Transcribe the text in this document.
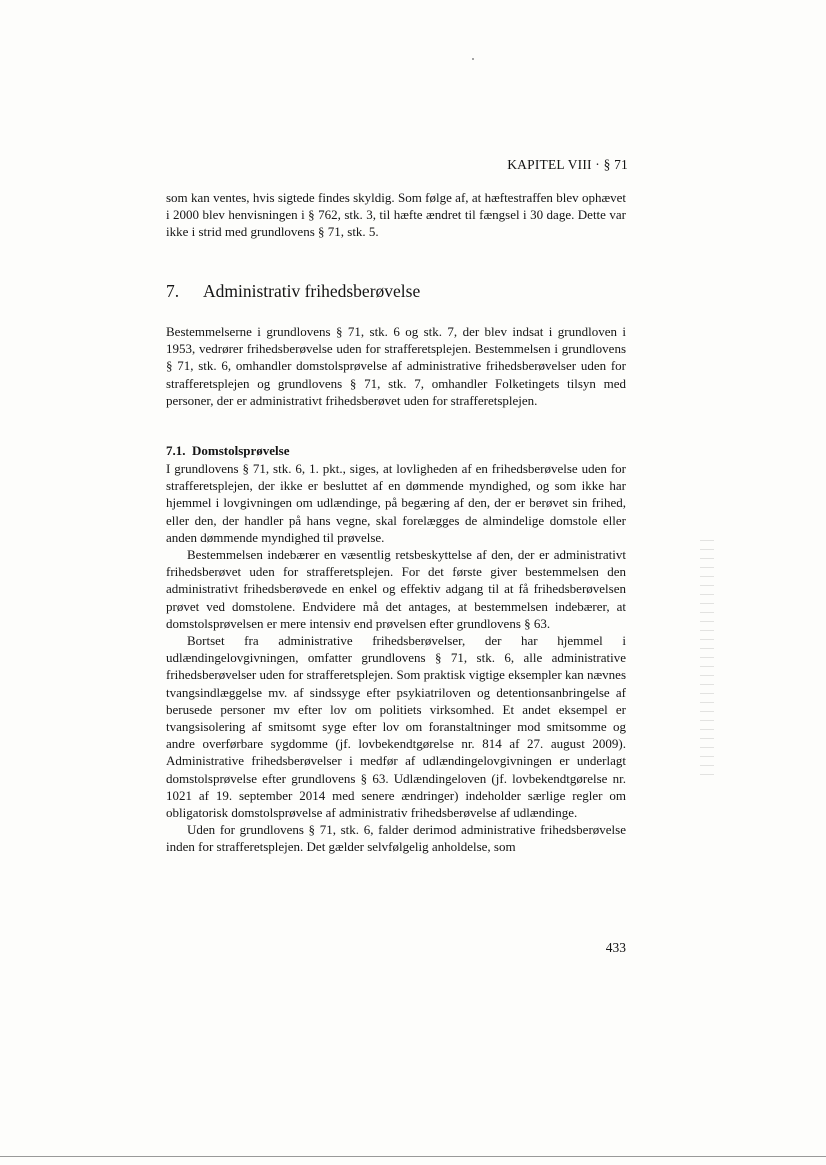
KAPITEL VIII · § 71

som kan ventes, hvis sigtede findes skyldig. Som følge af, at hæftestraffen blev ophævet i 2000 blev henvisningen i § 762, stk. 3, til hæfte ændret til fængsel i 30 dage. Dette var ikke i strid med grundlovens § 71, stk. 5.

7. Administrativ frihedsberøvelse

Bestemmelserne i grundlovens § 71, stk. 6 og stk. 7, der blev indsat i grundloven i 1953, vedrører frihedsberøvelse uden for strafferetsplejen. Bestemmelsen i grundlovens § 71, stk. 6, omhandler domstolsprøvelse af administrative frihedsberøvelser uden for strafferetsplejen og grundlovens § 71, stk. 7, omhandler Folketingets tilsyn med personer, der er administrativt frihedsberøvet uden for strafferetsplejen.

7.1. Domstolsprøvelse

I grundlovens § 71, stk. 6, 1. pkt., siges, at lovligheden af en frihedsberøvelse uden for strafferetsplejen, der ikke er besluttet af en dømmende myndighed, og som ikke har hjemmel i lovgivningen om udlændinge, på begæring af den, der er berøvet sin frihed, eller den, der handler på hans vegne, skal forelægges de almindelige domstole eller anden dømmende myndighed til prøvelse.

Bestemmelsen indebærer en væsentlig retsbeskyttelse af den, der er administrativt frihedsberøvet uden for strafferetsplejen. For det første giver bestemmelsen den administrativt frihedsberøvede en enkel og effektiv adgang til at få frihedsberøvelsen prøvet ved domstolene. Endvidere må det antages, at bestemmelsen indebærer, at domstolsprøvelsen er mere intensiv end prøvelsen efter grundlovens § 63.

Bortset fra administrative frihedsberøvelser, der har hjemmel i udlændingelovgivningen, omfatter grundlovens § 71, stk. 6, alle administrative frihedsberøvelser uden for strafferetsplejen. Som praktisk vigtige eksempler kan nævnes tvangsindlæggelse mv. af sindssyge efter psykiatriloven og detentionsanbringelse af berusede personer mv efter lov om politiets virksomhed. Et andet eksempel er tvangsisolering af smitsomt syge efter lov om foranstaltninger mod smitsomme og andre overførbare sygdomme (jf. lovbekendtgørelse nr. 814 af 27. august 2009). Administrative frihedsberøvelser i medfør af udlændingelovgivningen er underlagt domstolsprøvelse efter grundlovens § 63. Udlændingeloven (jf. lovbekendtgørelse nr. 1021 af 19. september 2014 med senere ændringer) indeholder særlige regler om obligatorisk domstolsprøvelse af administrativ frihedsberøvelse af udlændinge.

Uden for grundlovens § 71, stk. 6, falder derimod administrative frihedsberøvelse inden for strafferetsplejen. Det gælder selvfølgelig anholdelse, som

433
